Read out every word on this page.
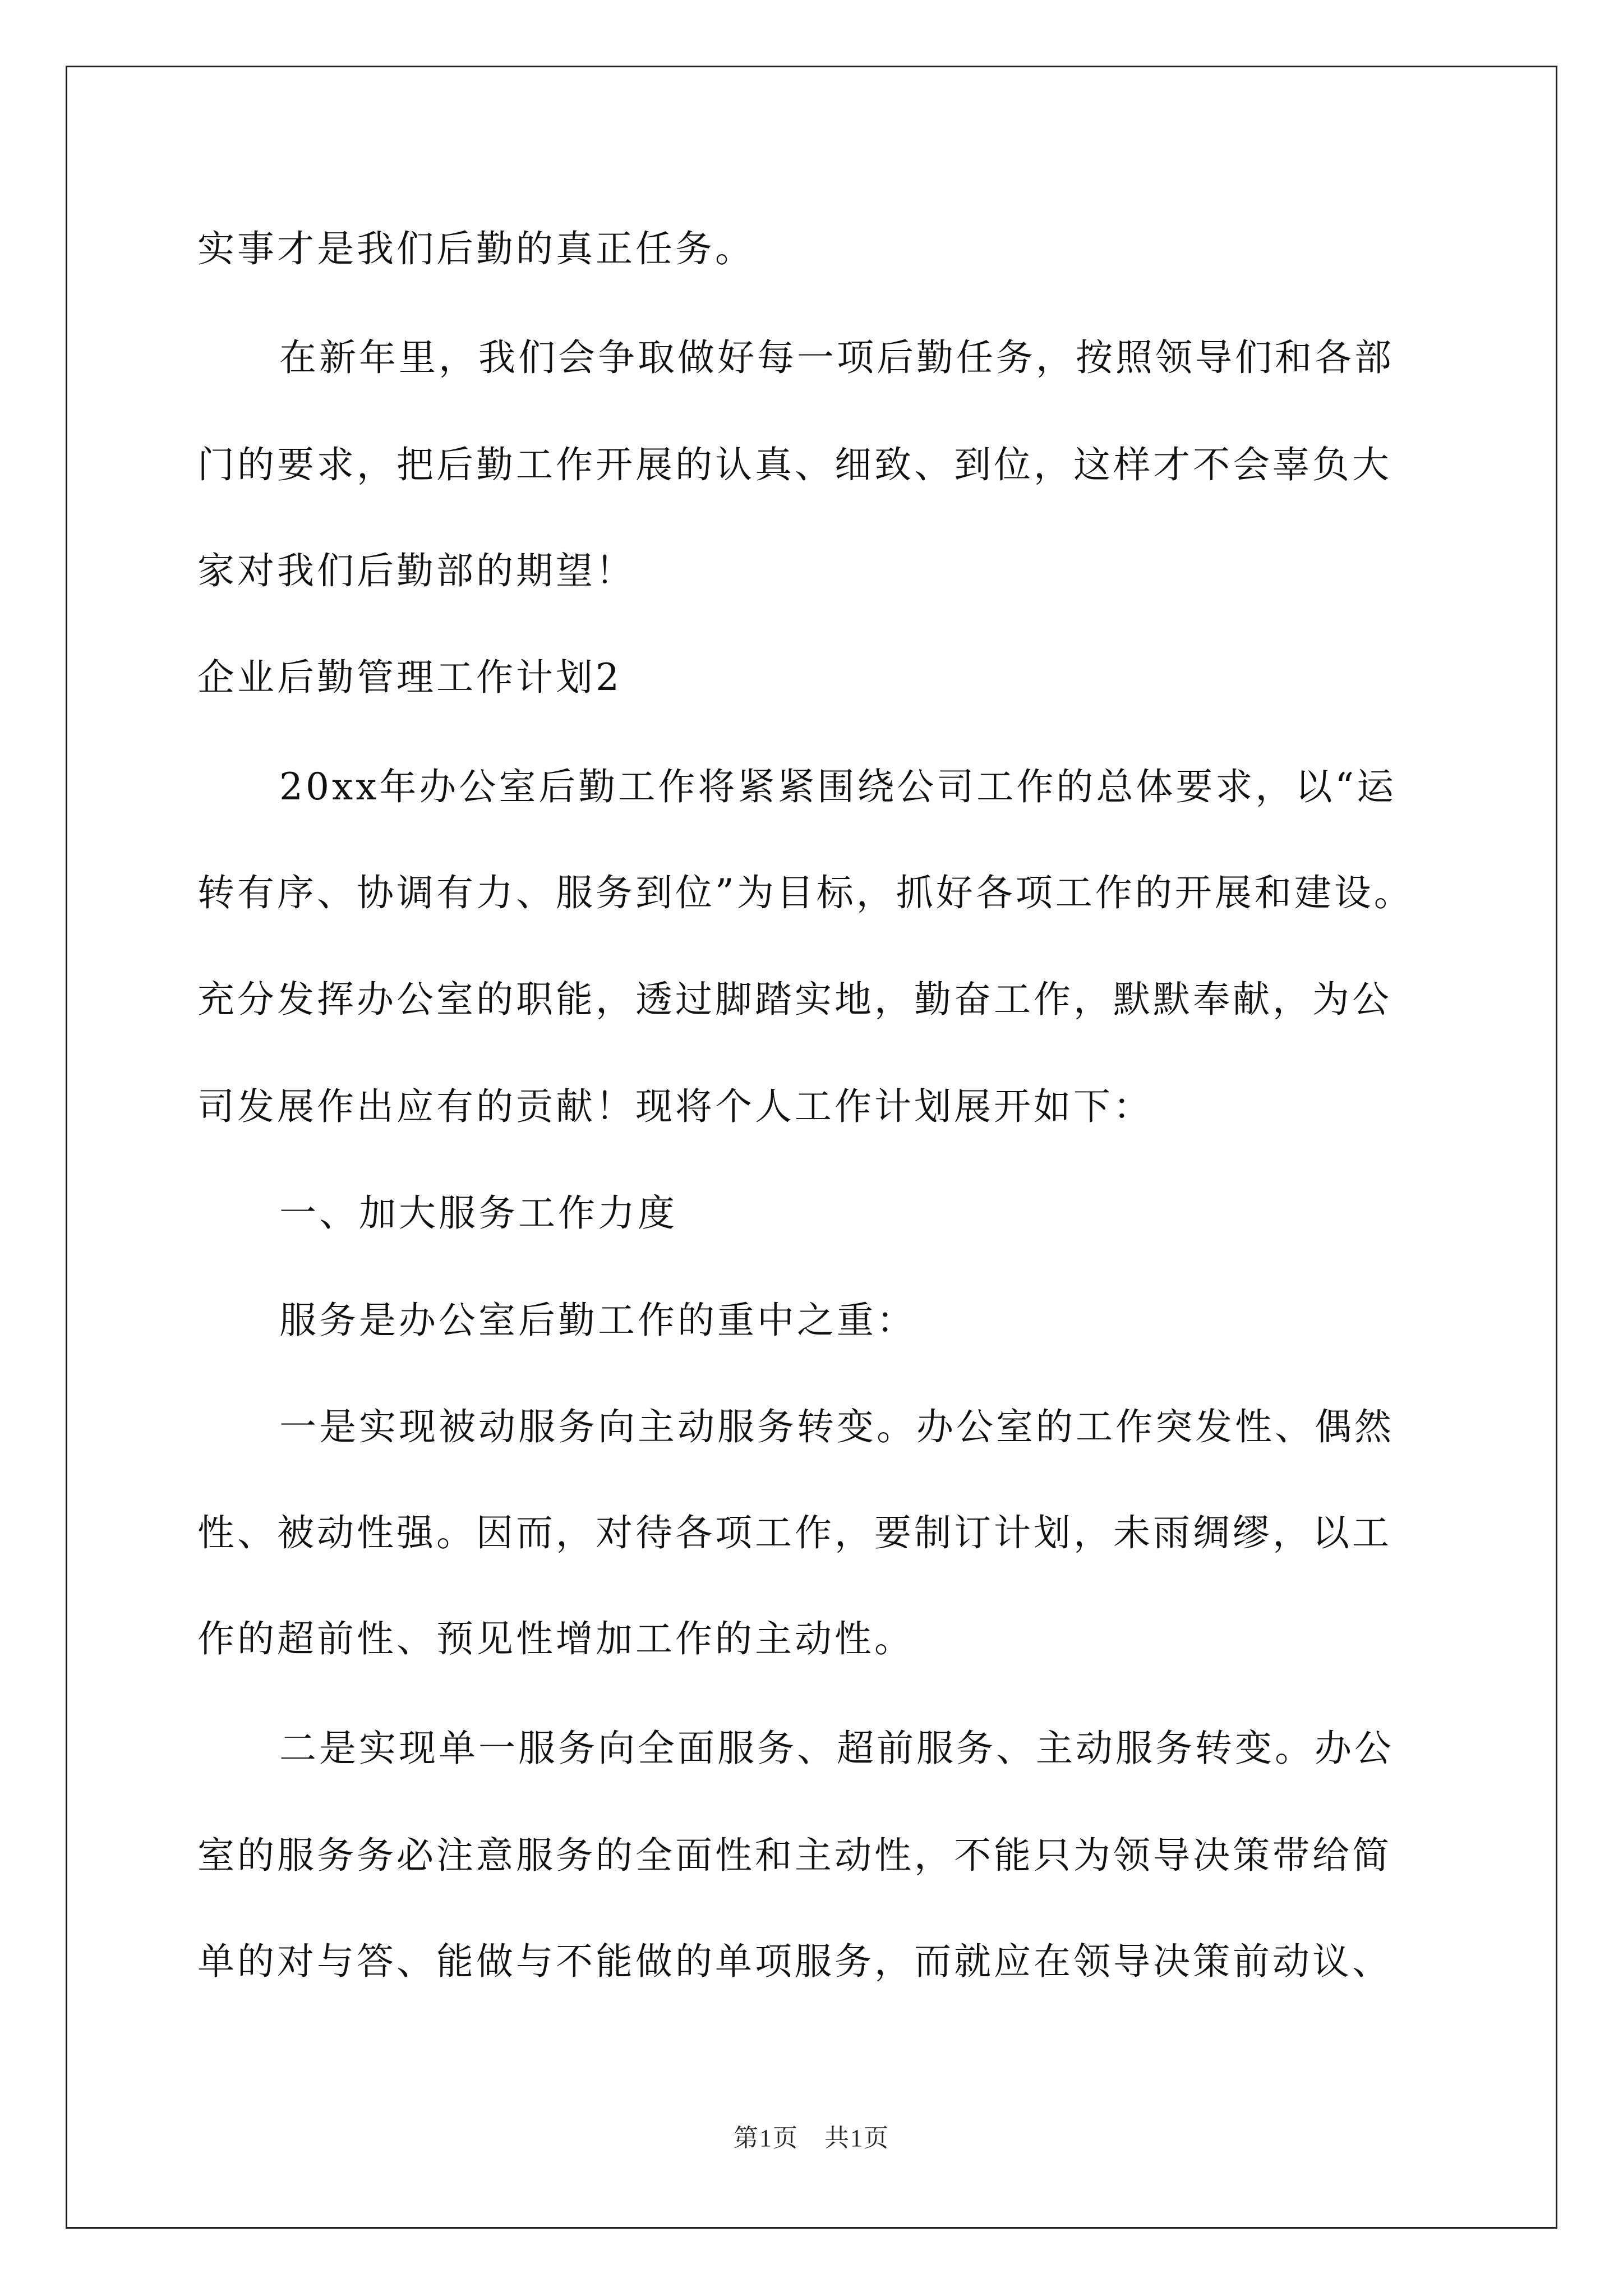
实事才是我们后勤的真正任务。
在新年里，我们会争取做好每一项后勤任务，按照领导们和各部
门的要求，把后勤工作开展的认真、细致、到位，这样才不会辜负大
家对我们后勤部的期望！
企业后勤管理工作计划2
20xx年办公室后勤工作将紧紧围绕公司工作的总体要求，以“运
转有序、协调有力、服务到位”为目标，抓好各项工作的开展和建设。
充分发挥办公室的职能，透过脚踏实地，勤奋工作，默默奉献，为公
司发展作出应有的贡献！现将个人工作计划展开如下：
一、加大服务工作力度
服务是办公室后勤工作的重中之重：
一是实现被动服务向主动服务转变。办公室的工作突发性、偶然
性、被动性强。因而，对待各项工作，要制订计划，未雨绸缪，以工
作的超前性、预见性增加工作的主动性。
二是实现单一服务向全面服务、超前服务、主动服务转变。办公
室的服务务必注意服务的全面性和主动性，不能只为领导决策带给简
单的对与答、能做与不能做的单项服务，而就应在领导决策前动议、
第1页　共1页
